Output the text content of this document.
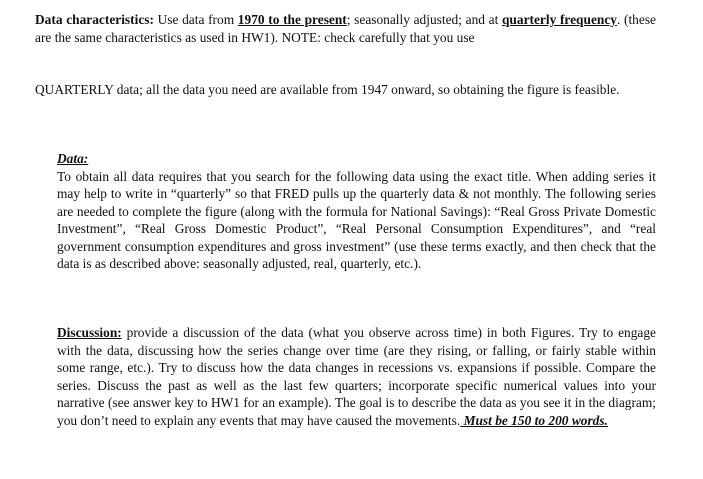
Data characteristics: Use data from 1970 to the present; seasonally adjusted; and at quarterly frequency. (these are the same characteristics as used in HW1). NOTE: check carefully that you use

QUARTERLY data; all the data you need are available from 1947 onward, so obtaining the figure is feasible.

Data:
To obtain all data requires that you search for the following data using the exact title. When adding series it may help to write in “quarterly” so that FRED pulls up the quarterly data & not monthly. The following series are needed to complete the figure (along with the formula for National Savings): “Real Gross Private Domestic Investment”, “Real Gross Domestic Product”, “Real Personal Consumption Expenditures”, and “real government consumption expenditures and gross investment” (use these terms exactly, and then check that the data is as described above: seasonally adjusted, real, quarterly, etc.).

Discussion: provide a discussion of the data (what you observe across time) in both Figures. Try to engage with the data, discussing how the series change over time (are they rising, or falling, or fairly stable within some range, etc.). Try to discuss how the data changes in recessions vs. expansions if possible. Compare the series. Discuss the past as well as the last few quarters; incorporate specific numerical values into your narrative (see answer key to HW1 for an example). The goal is to describe the data as you see it in the diagram; you don’t need to explain any events that may have caused the movements. Must be 150 to 200 words.
